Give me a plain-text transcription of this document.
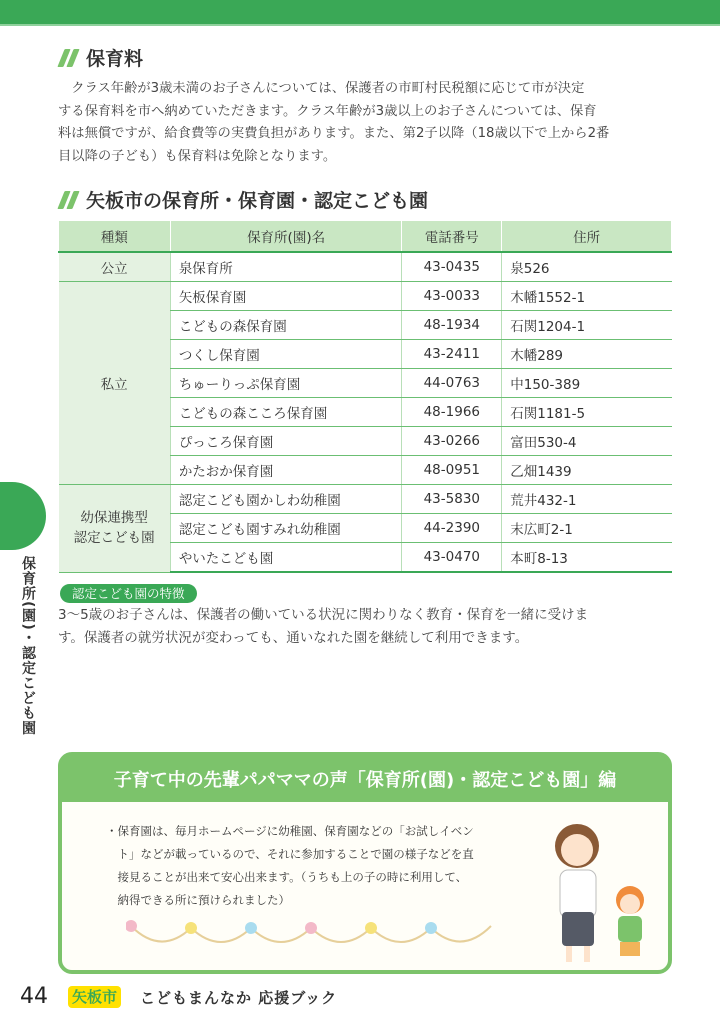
保育料
　クラス年齢が3歳未満のお子さんについては、保護者の市町村民税額に応じて市が決定
する保育料を市へ納めていただきます。クラス年齢が3歳以上のお子さんについては、保育
料は無償ですが、給食費等の実費負担があります。また、第2子以降（18歳以下で上から2番
目以降の子ども）も保育料は免除となります。
矢板市の保育所・保育園・認定こども園
種類	保育所(園)名	電話番号	住所
公立	泉保育所	43-0435	泉526
私立	矢板保育園	43-0033	木幡1552-1
	こどもの森保育園	48-1934	石関1204-1
	つくし保育園	43-2411	木幡289
	ちゅーりっぷ保育園	44-0763	中150-389
	こどもの森こころ保育園	48-1966	石関1181-5
	ぴっころ保育園	43-0266	富田530-4
	かたおか保育園	48-0951	乙畑1439
幼保連携型
認定こども園	認定こども園かしわ幼稚園	43-5830	荒井432-1
	認定こども園すみれ幼稚園	44-2390	末広町2-1
	やいたこども園	43-0470	本町8-13
保育所(園)・認定こども園	認定こども園の特徴
3～5歳のお子さんは、保護者の働いている状況に関わりなく教育・保育を一緒に受けま
す。保護者の就労状況が変わっても、通いなれた園を継続して利用できます。
子育て中の先輩パパママの声「保育所(園)・認定こども園」編
・保育園は、毎月ホームページに幼稚園、保育園などの「お試しイベン
　ト」などが載っているので、それに参加することで園の様子などを直
　接見ることが出来て安心出来ます。（うちも上の子の時に利用して、
　納得できる所に預けられました）
44 矢板市 こどもまんなか 応援ブック
